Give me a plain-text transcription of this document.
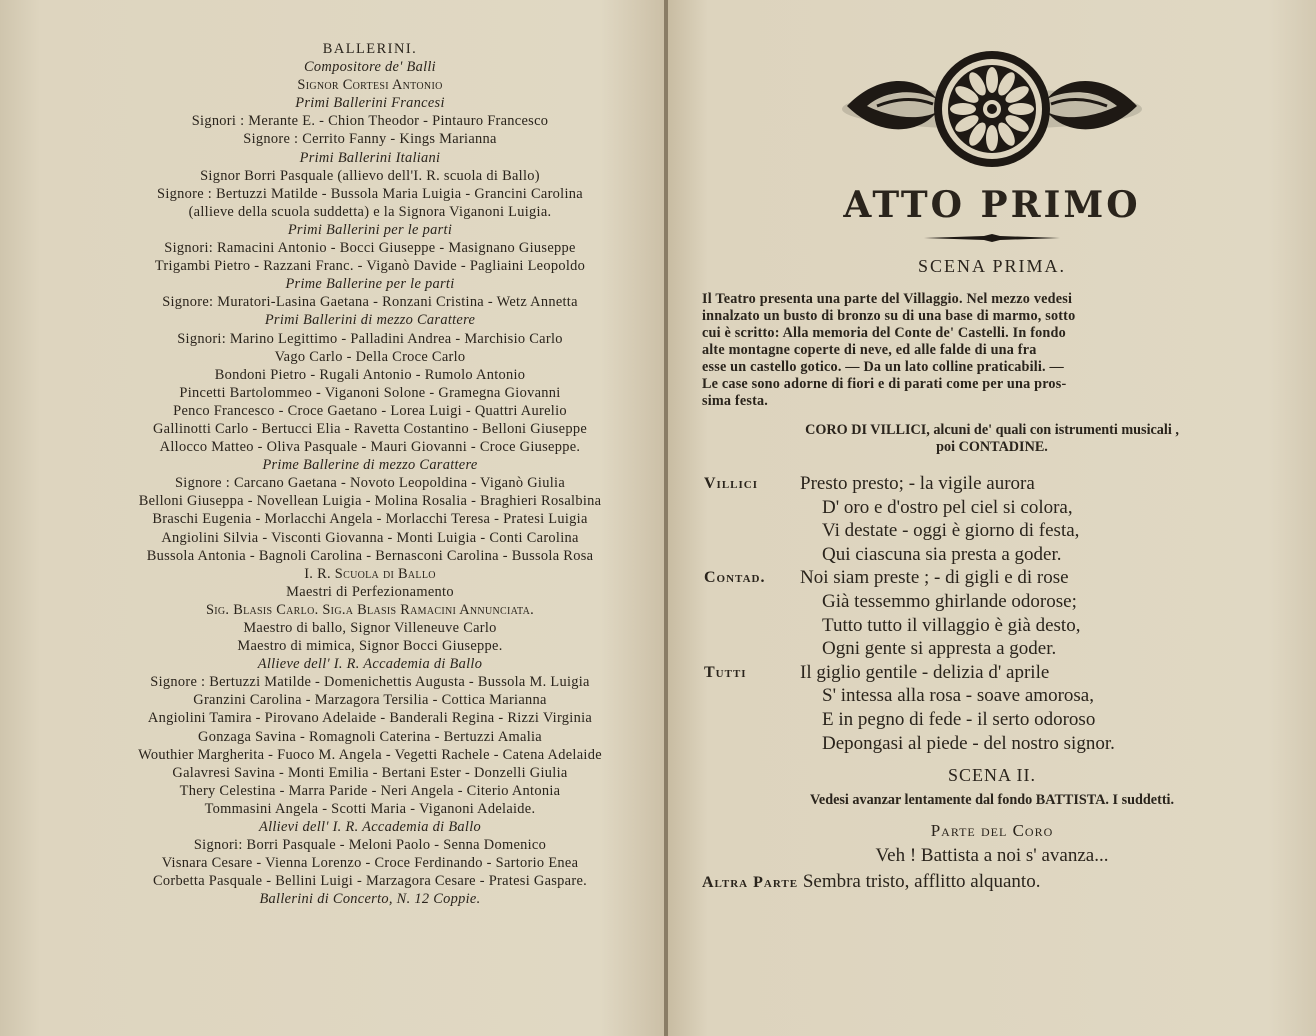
BALLERINI.
Compositore de' Balli
Signor Cortesi Antonio
Primi Ballerini Francesi
Signori : Merante E. - Chion Theodor - Pintauro Francesco
Signore : Cerrito Fanny - Kings Marianna
Primi Ballerini Italiani
Signor Borri Pasquale (allievo dell'I. R. scuola di Ballo)
Signore : Bertuzzi Matilde - Bussola Maria Luigia - Grancini Carolina
(allieve della scuola suddetta) e la Signora Viganoni Luigia.
Primi Ballerini per le parti
Signori: Ramacini Antonio - Bocci Giuseppe - Masignano Giuseppe
Trigambi Pietro - Razzani Franc. - Viganò Davide - Pagliaini Leopoldo
Prime Ballerine per le parti
Signore: Muratori-Lasina Gaetana - Ronzani Cristina - Wetz Annetta
Primi Ballerini di mezzo Carattere
Signori: Marino Legittimo - Palladini Andrea - Marchisio Carlo
Vago Carlo - Della Croce Carlo
Bondoni Pietro - Rugali Antonio - Rumolo Antonio
Pincetti Bartolommeo - Viganoni Solone - Gramegna Giovanni
Penco Francesco - Croce Gaetano - Lorea Luigi - Quattri Aurelio
Gallinotti Carlo - Bertucci Elia - Ravetta Costantino - Belloni Giuseppe
Allocco Matteo - Oliva Pasquale - Mauri Giovanni - Croce Giuseppe.
Prime Ballerine di mezzo Carattere
Signore : Carcano Gaetana - Novoto Leopoldina - Viganò Giulia
Belloni Giuseppa - Novellean Luigia - Molina Rosalia - Braghieri Rosalbina
Braschi Eugenia - Morlacchi Angela - Morlacchi Teresa - Pratesi Luigia
Angiolini Silvia - Visconti Giovanna - Monti Luigia - Conti Carolina
Bussola Antonia - Bagnoli Carolina - Bernasconi Carolina - Bussola Rosa
I. R. Scuola di Ballo
Maestri di Perfezionamento
Sig. Blasis Carlo. Sig.a Blasis Ramacini Annunciata.
Maestro di ballo, Signor Villeneuve Carlo
Maestro di mimica, Signor Bocci Giuseppe.
Allieve dell' I. R. Accademia di Ballo
Signore : Bertuzzi Matilde - Domenichettis Augusta - Bussola M. Luigia
Granzini Carolina - Marzagora Tersilia - Cottica Marianna
Angiolini Tamira - Pirovano Adelaide - Banderali Regina - Rizzi Virginia
Gonzaga Savina - Romagnoli Caterina - Bertuzzi Amalia
Wouthier Margherita - Fuoco M. Angela - Vegetti Rachele - Catena Adelaide
Galavresi Savina - Monti Emilia - Bertani Ester - Donzelli Giulia
Thery Celestina - Marra Paride - Neri Angela - Citerio Antonia
Tommasini Angela - Scotti Maria - Viganoni Adelaide.
Allievi dell' I. R. Accademia di Ballo
Signori: Borri Pasquale - Meloni Paolo - Senna Domenico
Visnara Cesare - Vienna Lorenzo - Croce Ferdinando - Sartorio Enea
Corbetta Pasquale - Bellini Luigi - Marzagora Cesare - Pratesi Gaspare.
Ballerini di Concerto, N. 12 Coppie.
ATTO PRIMO
SCENA PRIMA.
Il Teatro presenta una parte del Villaggio. Nel mezzo vedesi
innalzato un busto di bronzo su di una base di marmo, sotto
cui è scritto: Alla memoria del Conte de' Castelli. In fondo
alte montagne coperte di neve, ed alle falde di una fra
esse un castello gotico. — Da un lato colline praticabili. —
Le case sono adorne di fiori e di parati come per una pros-
sima festa.
CORO DI VILLICI, alcuni de' quali con istrumenti musicali ,
poi CONTADINE.
Villici Presto presto; - la vigile aurora
D' oro e d'ostro pel ciel si colora,
Vi destate - oggi è giorno di festa,
Qui ciascuna sia presta a goder.
Contad. Noi siam preste ; - di gigli e di rose
Già tessemmo ghirlande odorose;
Tutto tutto il villaggio è già desto,
Ogni gente si appresta a goder.
Tutti	Il giglio gentile - delizia d' aprile
S' intessa alla rosa - soave amorosa,
E in pegno di fede - il serto odoroso
Depongasi al piede - del nostro signor.
SCENA II.
Vedesi avanzar lentamente dal fondo BATTISTA. I suddetti.
Parte del Coro
Veh ! Battista a noi s' avanza...
Altra Parte Sembra tristo, afflitto alquanto.
